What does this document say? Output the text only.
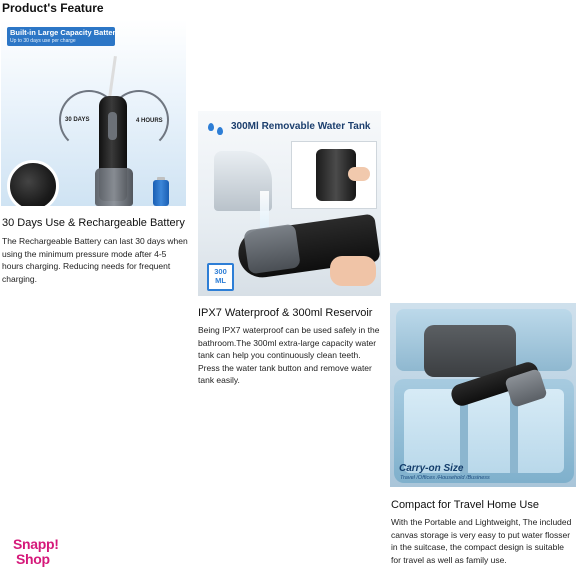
Product's Feature
Built-in Large Capacity Battery
Up to 30 days use per charge
30 DAYS	4 HOURS
30 Days Use & Rechargeable Battery
The Rechargeable Battery can last 30 days when using the minimum pressure mode after 4-5 hours charging. Reducing needs for frequent charging.
300Ml Removable Water Tank
300
ML
IPX7 Waterproof & 300ml Reservoir
Being IPX7 waterproof can be used safely in the bathroom.The 300ml extra-large capacity water tank can help you continuously clean teeth. Press the water tank button and remove water tank easily.
Carry-on Size
Travel /Offices /Household /Business
Compact for Travel Home Use
With the Portable and Lightweight, The included canvas storage is very easy to put water flosser in the suitcase, the compact design is suitable for travel as well as family use.
Snapp!
Shop
